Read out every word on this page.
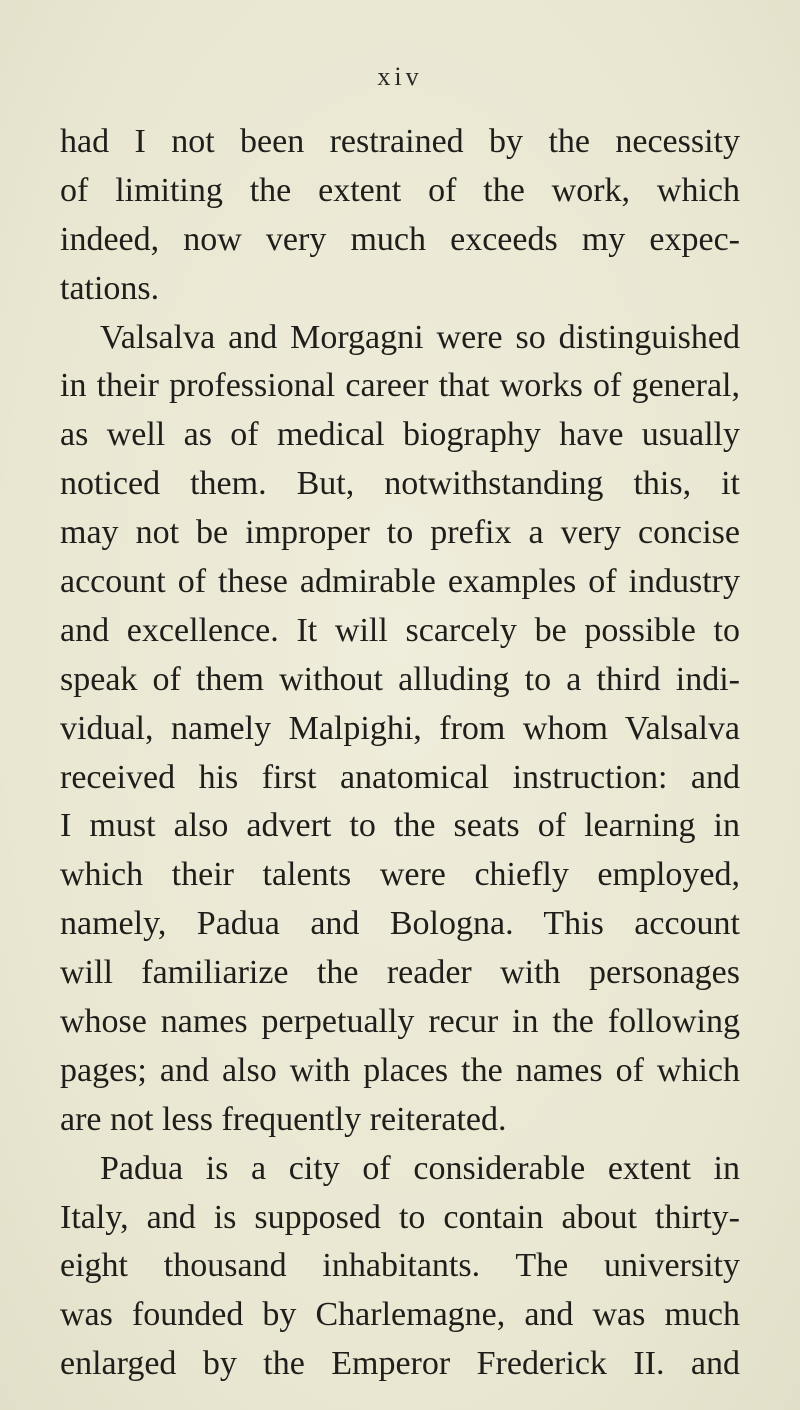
xiv
had I not been restrained by the necessity
of limiting the extent of the work, which
indeed, now very much exceeds my expec-
tations.
Valsalva and Morgagni were so distinguished
in their professional career that works of general,
as well as of medical biography have usually
noticed them. But, notwithstanding this, it
may not be improper to prefix a very concise
account of these admirable examples of industry
and excellence. It will scarcely be possible to
speak of them without alluding to a third indi-
vidual, namely Malpighi, from whom Valsalva
received his first anatomical instruction: and
I must also advert to the seats of learning in
which their talents were chiefly employed,
namely, Padua and Bologna. This account
will familiarize the reader with personages
whose names perpetually recur in the following
pages; and also with places the names of which
are not less frequently reiterated.
Padua is a city of considerable extent in
Italy, and is supposed to contain about thirty-
eight thousand inhabitants. The university
was founded by Charlemagne, and was much
enlarged by the Emperor Frederick II. and
